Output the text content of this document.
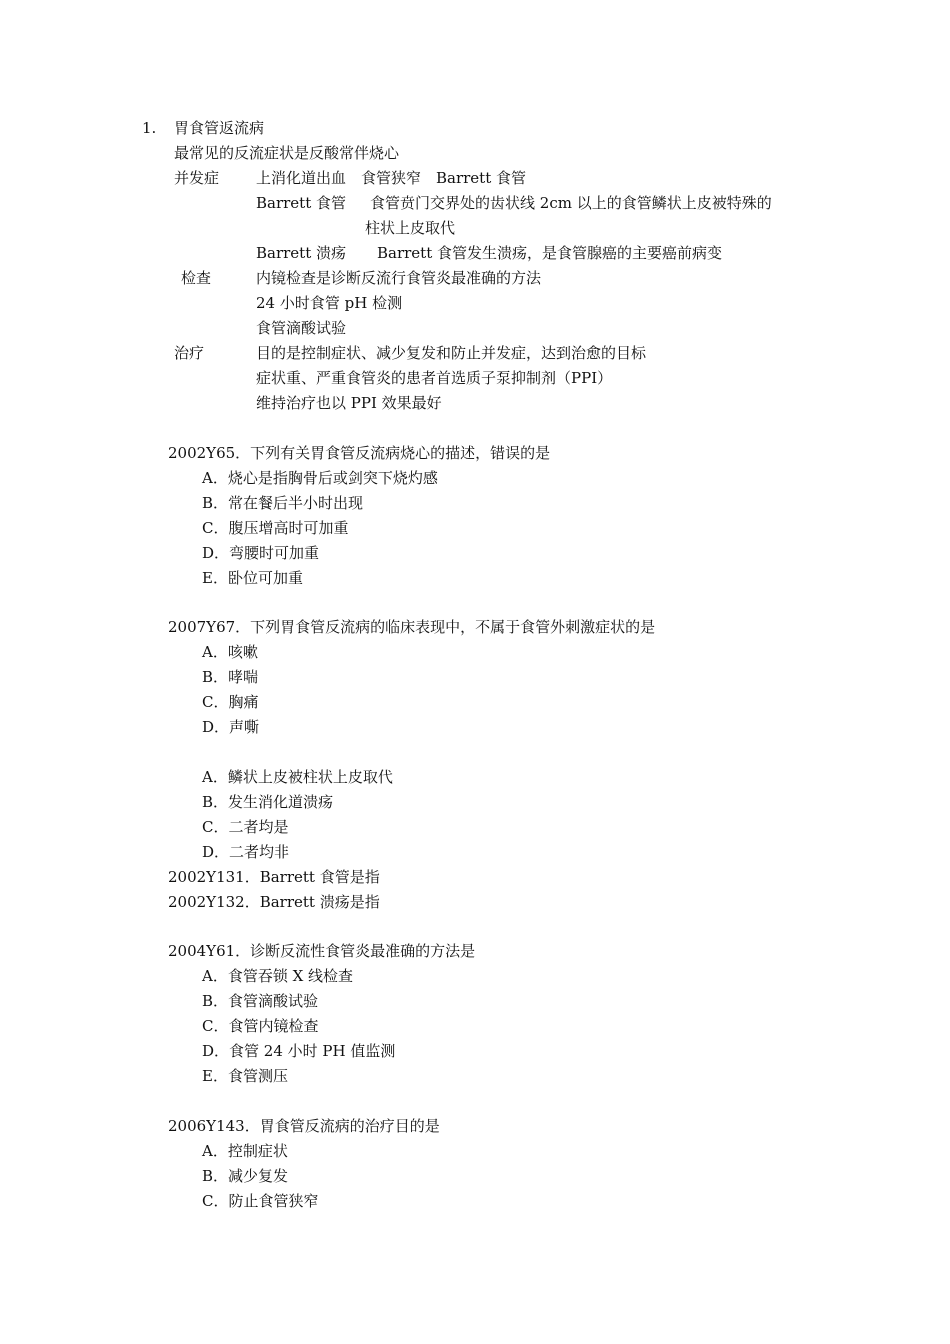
1. 胃食管返流病
最常见的反流症状是反酸常伴烧心
并发症 上消化道出血　食管狭窄　Barrett 食管
Barrett 食管 食管贲门交界处的齿状线 2cm 以上的食管鳞状上皮被特殊的
柱状上皮取代
Barrett 溃疡 Barrett 食管发生溃疡，是食管腺癌的主要癌前病变
检查	内镜检查是诊断反流行食管炎最准确的方法
24 小时食管 pH 检测
食管滴酸试验
治疗	目的是控制症状、减少复发和防止并发症，达到治愈的目标
症状重、严重食管炎的患者首选质子泵抑制剂（PPI）
维持治疗也以 PPI 效果最好
2002Y65．下列有关胃食管反流病烧心的描述，错误的是
A．烧心是指胸骨后或剑突下烧灼感
B．常在餐后半小时出现
C．腹压增高时可加重
D．弯腰时可加重
E．卧位可加重
2007Y67．下列胃食管反流病的临床表现中，不属于食管外刺激症状的是
A．咳嗽
B．哮喘
C．胸痛
D．声嘶
A．鳞状上皮被柱状上皮取代
B．发生消化道溃疡
C．二者均是
D．二者均非
2002Y131．Barrett 食管是指
2002Y132．Barrett 溃疡是指
2004Y61．诊断反流性食管炎最准确的方法是
A．食管吞锁 X 线检查
B．食管滴酸试验
C．食管内镜检查
D．食管 24 小时 PH 值监测
E．食管测压
2006Y143．胃食管反流病的治疗目的是
A．控制症状
B．减少复发
C．防止食管狭窄
